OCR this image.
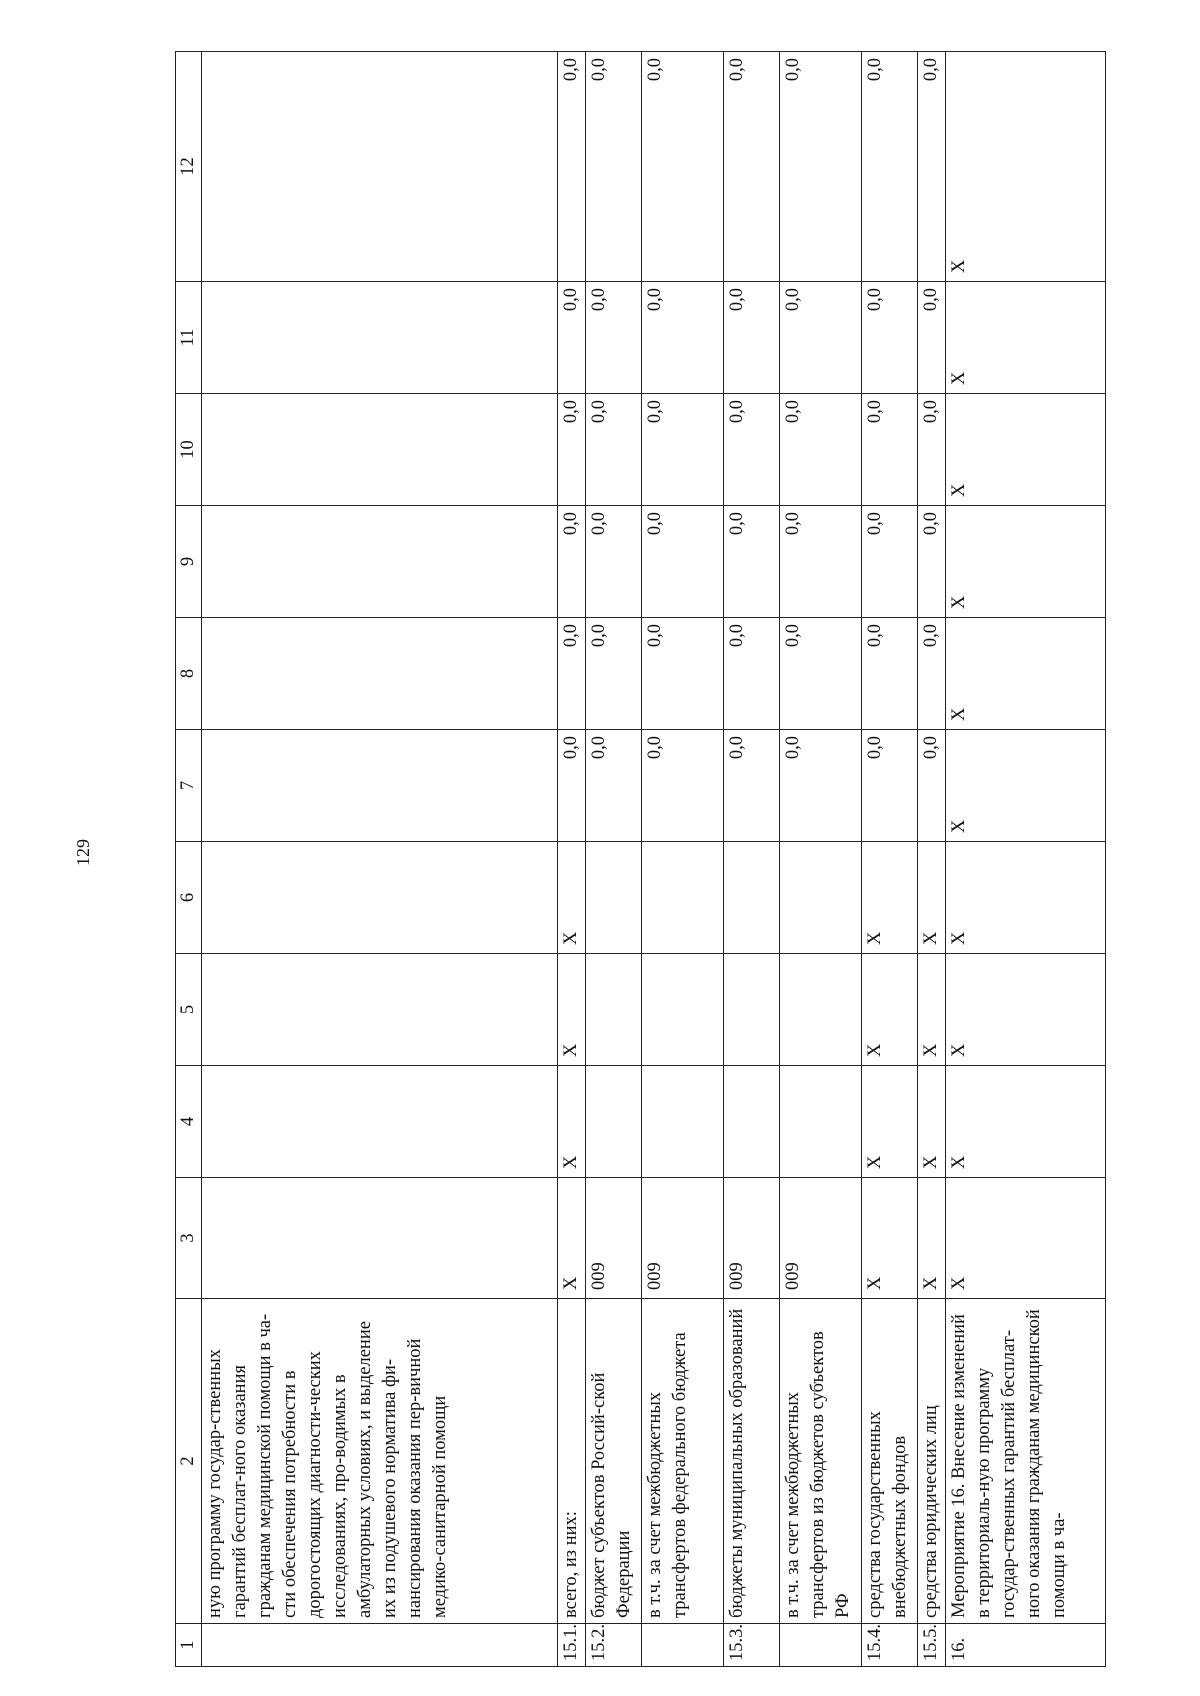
129
1	2	3	4	5	6	7	8	9	10	11	12
	ную программу государ-ственных гарантий бесплат-ного оказания гражданам медицинской помощи в ча-сти обеспечения потребности в дорогостоящих диагности-ческих исследованиях, про-водимых в амбулаторных условиях, и выделение их из подушевого норматива фи-нансирования оказания пер-вичной медико-санитарной помощи										
15.1.	всего, из них:	X	X	X	X	0,0	0,0	0,0	0,0	0,0	0,0
15.2.	бюджет субъектов Россий-ской Федерации	009				0,0	0,0	0,0	0,0	0,0	0,0
	в т.ч. за счет межбюджетных трансфертов федерального бюджета	009				0,0	0,0	0,0	0,0	0,0	0,0
15.3.	бюджеты муниципальных образований	009				0,0	0,0	0,0	0,0	0,0	0,0
	в т.ч. за счет межбюджетных трансфертов из бюджетов субъектов РФ	009				0,0	0,0	0,0	0,0	0,0	0,0
15.4.	средства государственных внебюджетных фондов	X	X	X	X	0,0	0,0	0,0	0,0	0,0	0,0
15.5.	средства юридических лиц	X	X	X	X	0,0	0,0	0,0	0,0	0,0	0,0
16.	Мероприятие 16. Внесение изменений в территориаль-ную программу государ-ственных гарантий бесплат-ного оказания гражданам медицинской помощи в ча-	X	X	X	X	X	X	X	X	X	X
